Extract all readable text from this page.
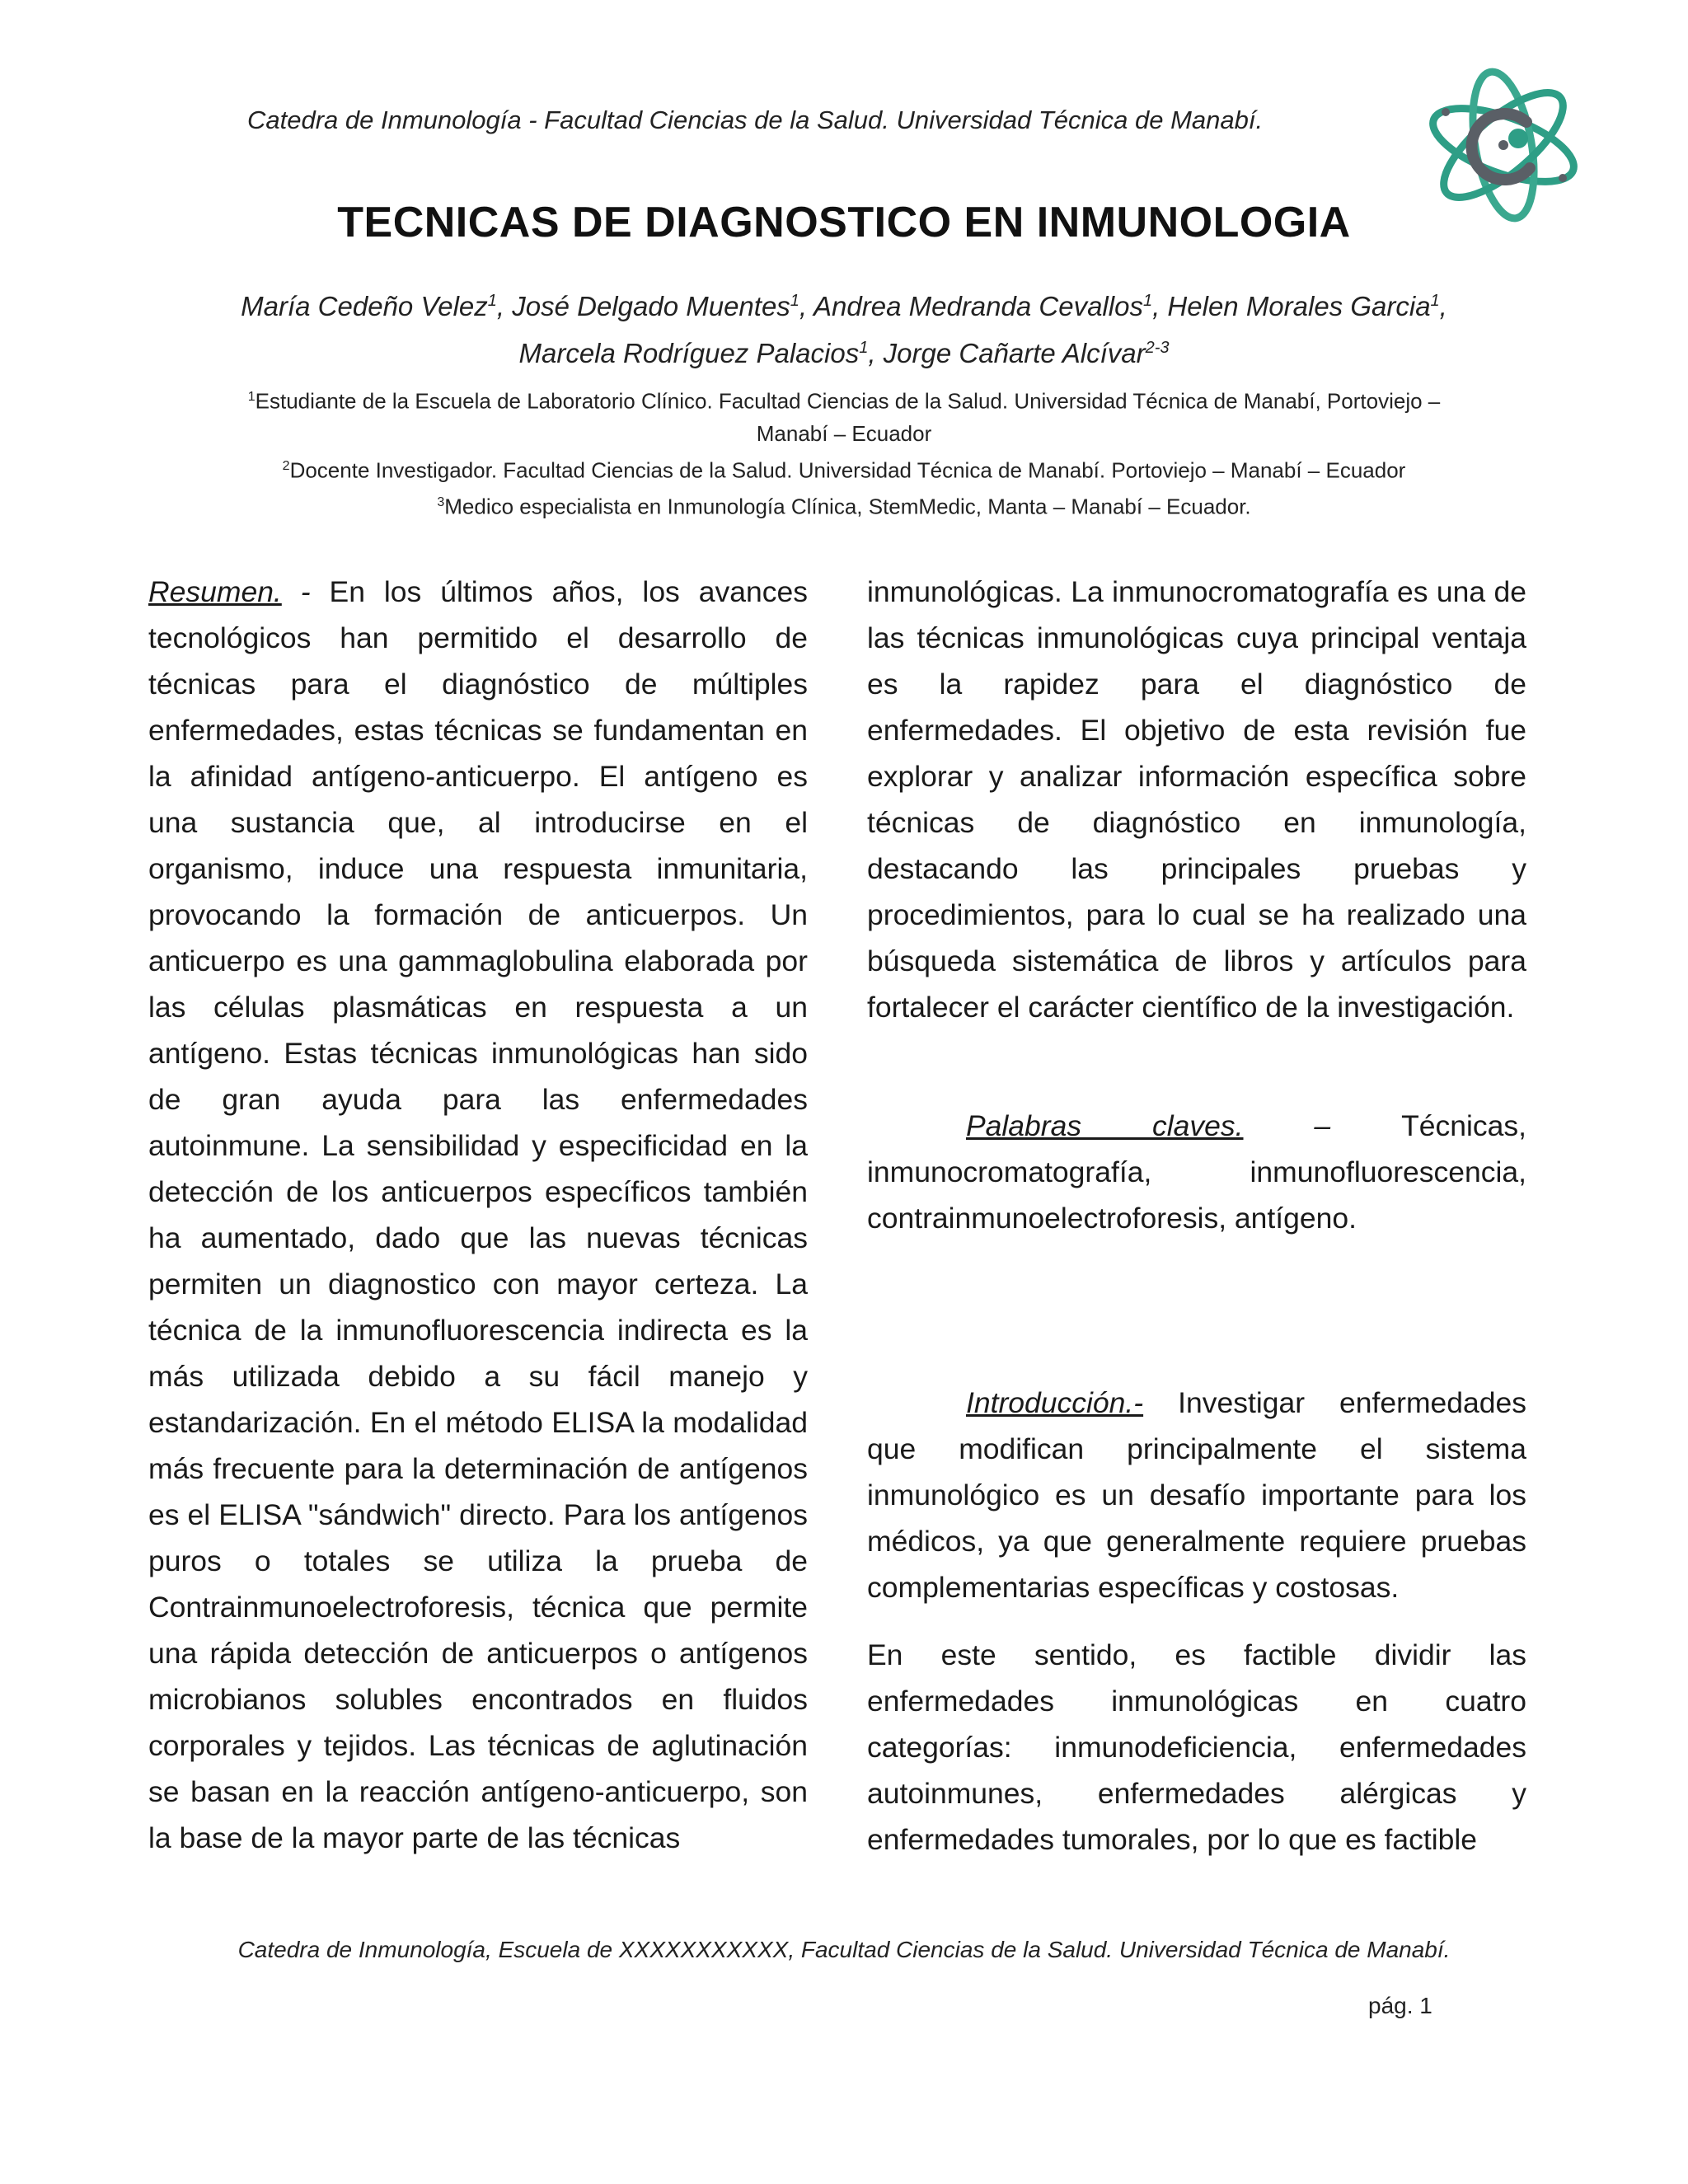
Catedra de Inmunología - Facultad Ciencias de la Salud. Universidad Técnica de Manabí.
TECNICAS DE DIAGNOSTICO EN INMUNOLOGIA
María Cedeño Velez$^1$, José Delgado Muentes$^1$, Andrea Medranda Cevallos$^1$, Helen Morales Garcia$^1$,
Marcela Rodríguez Palacios$^1$, Jorge Cañarte Alcívar$^{2-3}$
$^1$Estudiante de la Escuela de Laboratorio Clínico. Facultad Ciencias de la Salud. Universidad Técnica de Manabí, Portoviejo – Manabí – Ecuador
$^2$Docente Investigador. Facultad Ciencias de la Salud. Universidad Técnica de Manabí. Portoviejo – Manabí – Ecuador
$^3$Medico especialista en Inmunología Clínica, StemMedic, Manta – Manabí – Ecuador.

Resumen. - En los últimos años, los avances tecnológicos han permitido el desarrollo de técnicas para el diagnóstico de múltiples enfermedades, estas técnicas se fundamentan en la afinidad antígeno-anticuerpo. El antígeno es una sustancia que, al introducirse en el organismo, induce una respuesta inmunitaria, provocando la formación de anticuerpos. Un anticuerpo es una gammaglobulina elaborada por las células plasmáticas en respuesta a un antígeno. Estas técnicas inmunológicas han sido de gran ayuda para las enfermedades autoinmune. La sensibilidad y especificidad en la detección de los anticuerpos específicos también ha aumentado, dado que las nuevas técnicas permiten un diagnostico con mayor certeza. La técnica de la inmunofluorescencia indirecta es la más utilizada debido a su fácil manejo y estandarización. En el método ELISA la modalidad más frecuente para la determinación de antígenos es el ELISA "sándwich" directo. Para los antígenos puros o totales se utiliza la prueba de Contrainmunoelectroforesis, técnica que permite una rápida detección de anticuerpos o antígenos microbianos solubles encontrados en fluidos corporales y tejidos. Las técnicas de aglutinación se basan en la reacción antígeno-anticuerpo, son la base de la mayor parte de las técnicas

inmunológicas. La inmunocromatografía es una de las técnicas inmunológicas cuya principal ventaja es la rapidez para el diagnóstico de enfermedades. El objetivo de esta revisión fue explorar y analizar información específica sobre técnicas de diagnóstico en inmunología, destacando las principales pruebas y procedimientos, para lo cual se ha realizado una búsqueda sistemática de libros y artículos para fortalecer el carácter científico de la investigación.

Palabras claves. – Técnicas, inmunocromatografía, inmunofluorescencia, contrainmunoelectroforesis, antígeno.

Introducción.- Investigar enfermedades que modifican principalmente el sistema inmunológico es un desafío importante para los médicos, ya que generalmente requiere pruebas complementarias específicas y costosas.

En este sentido, es factible dividir las enfermedades inmunológicas en cuatro categorías: inmunodeficiencia, enfermedades autoinmunes, enfermedades alérgicas y enfermedades tumorales, por lo que es factible

Catedra de Inmunología, Escuela de XXXXXXXXXXX, Facultad Ciencias de la Salud. Universidad Técnica de Manabí.
pág. 1
